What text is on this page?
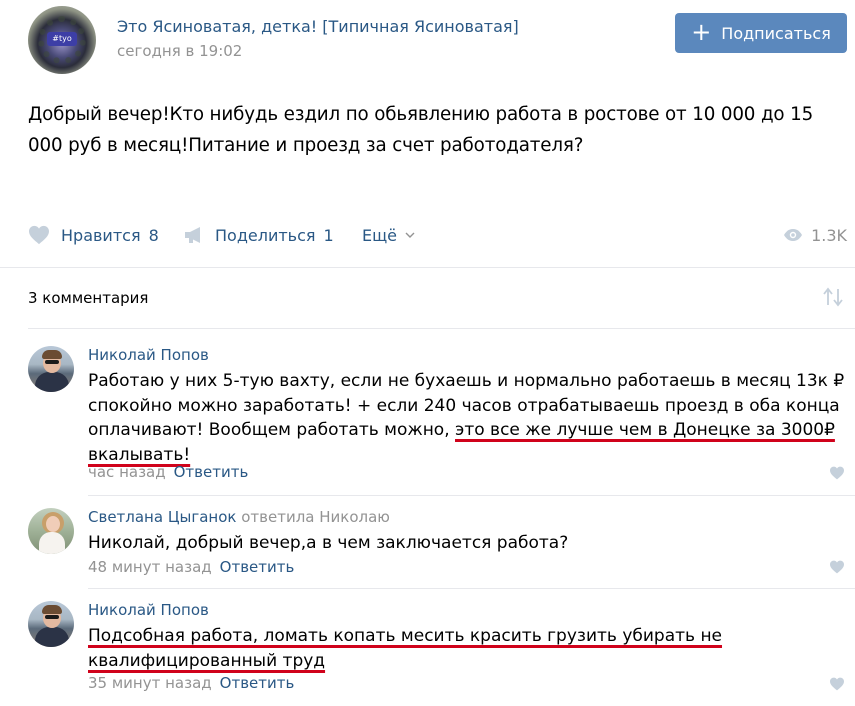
#tyo
Это Ясиноватая, детка! [Типичная Ясиноватая]
сегодня в 19:02
+ Подписаться
Добрый вечер!Кто нибудь ездил по обьявлению работа в ростове от 10 000 до 15 000 руб в месяц!Питание и проезд за счет работодателя?
Нравится 8	Поделиться 1 Ещё	1.3K
3 комментария
Николай Попов
Работаю у них 5-тую вахту, если не бухаешь и нормально работаешь в месяц 13к ₽ спокойно можно заработать! + если 240 часов отрабатываешь проезд в оба конца оплачивают! Вообщем работать можно, это все же лучше чем в Донецке за 3000₽ вкалывать!
час назад Ответить
Светлана Цыганок ответила Николаю
Николай, добрый вечер,а в чем заключается работа?
48 минут назад Ответить
Николай Попов
Подсобная работа, ломать копать месить красить грузить убирать не квалифицированный труд
35 минут назад Ответить
